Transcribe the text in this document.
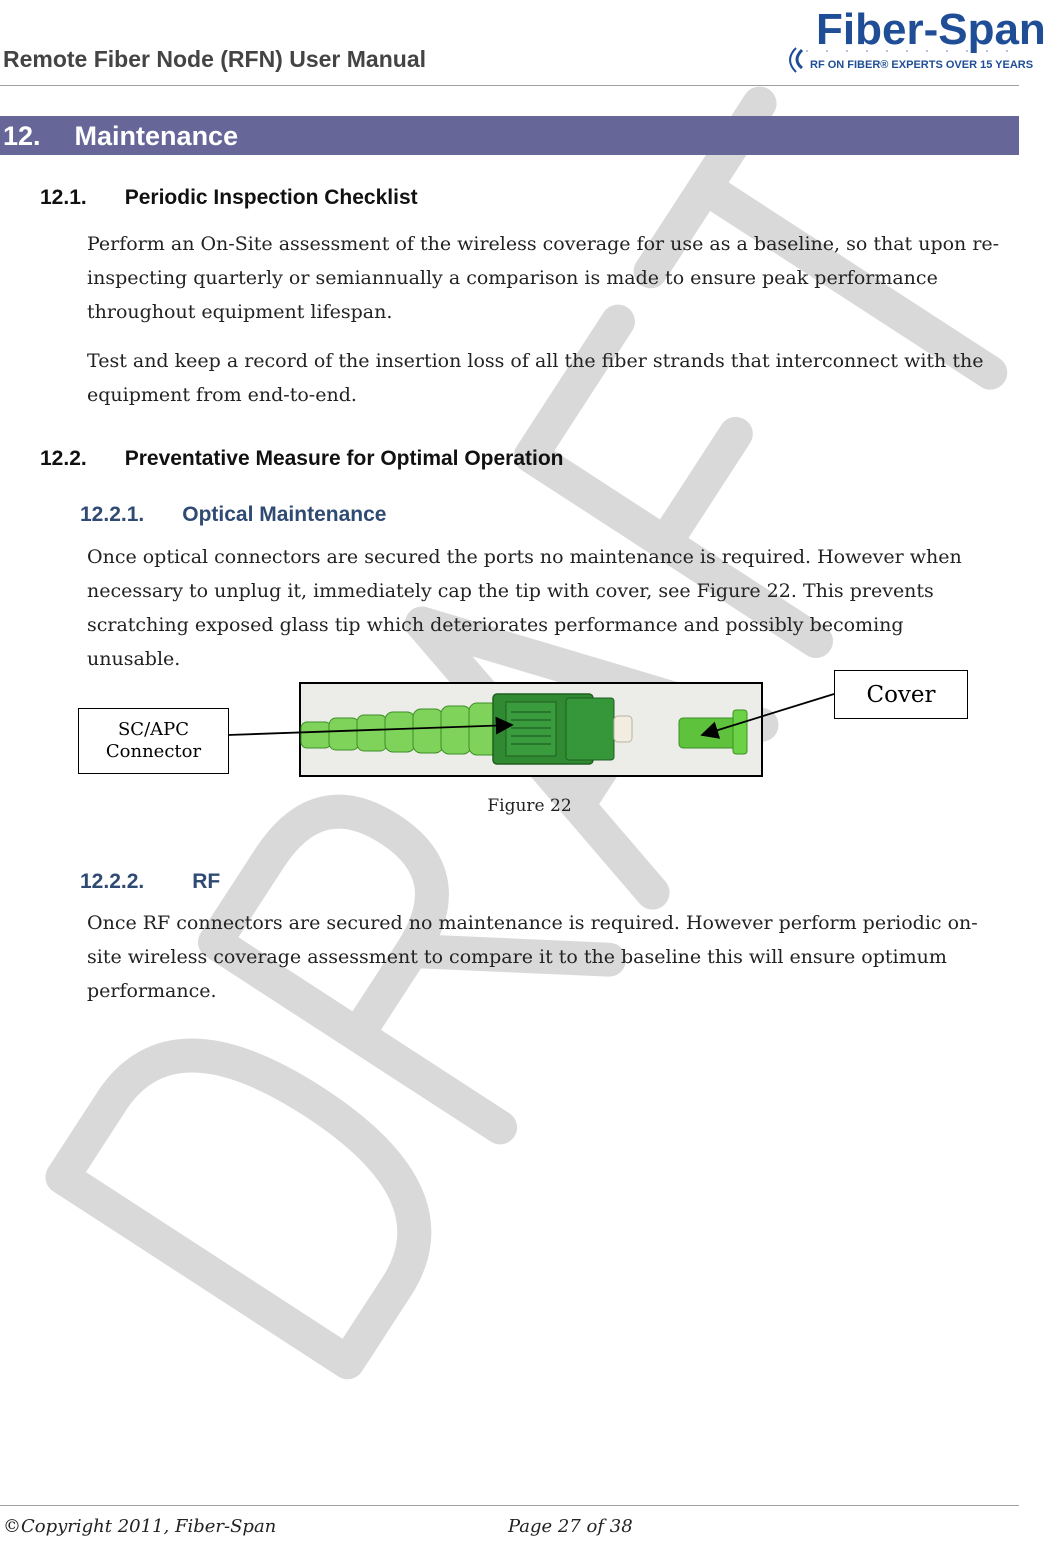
Remote Fiber Node (RFN) User Manual
Fiber-Span
RF ON FIBER® EXPERTS OVER 15 YEARS
12. Maintenance
12.1. Periodic Inspection Checklist
Perform an On-Site assessment of the wireless coverage for use as a baseline, so that upon re-
inspecting quarterly or semiannually a comparison is made to ensure peak performance
throughout equipment lifespan.
Test and keep a record of the insertion loss of all the fiber strands that interconnect with the
equipment from end-to-end.
12.2. Preventative Measure for Optimal Operation
12.2.1. Optical Maintenance
Once optical connectors are secured the ports no maintenance is required. However when
necessary to unplug it, immediately cap the tip with cover, see Figure 22. This prevents
scratching exposed glass tip which deteriorates performance and possibly becoming unusable.
SC/APC
Connector
Cover
Figure 22
12.2.2. RF
Once RF connectors are secured no maintenance is required. However perform periodic on-
site wireless coverage assessment to compare it to the baseline this will ensure optimum
performance.
©Copyright 2011, Fiber-Span	Page 27 of 38
